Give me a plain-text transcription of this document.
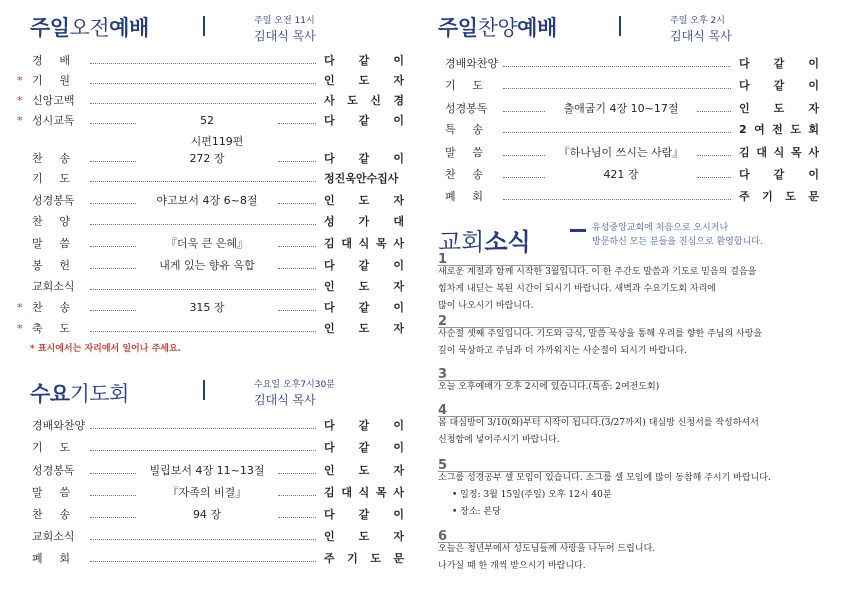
주일오전예배	주일 오전 11시
김대식 목사
경 배	다 같 이
* 기 원	인 도 자
* 신앙고백	사 도 신 경
* 성시교독	52	다 같 이
찬 송	272 장	다 같 이
기 도	정진욱안수집사
성경봉독	야고보서 4장 6~8절	인 도 자
찬 양	성 가 대
말 씀	『더욱 큰 은혜』	김 대 식 목 사
봉 헌	내게 있는 향유 옥합	다 같 이
교회소식	인 도 자
* 찬 송	315 장	다 같 이
* 축 도	인 도 자
시편119편
* 표시에서는 자리에서 일어나 주세요.
수요기도회	수요일 오후7시30분
김대식 목사
경배와찬양	다 같 이
기 도	다 같 이
성경봉독	빌립보서 4장 11~13절	인 도 자
말 씀	『자족의 비결』	김 대 식 목 사
찬 송	94 장	다 같 이
교회소식	인 도 자
폐 회	주 기 도 문
주일찬양예배	주일 오후 2시
김대식 목사
경배와찬양	다 같 이
기 도	다 같 이
성경봉독	출애굽기 4장 10~17절	인 도 자
특 송	2 여 전 도 회
말 씀	『하나님이 쓰시는 사람』	김 대 식 목 사
찬 송	421 장	다 같 이
폐 회	주 기 도 문
교회소식	유성중앙교회에 처음으로 오시거나
방문하신 모든 분들을 진심으로 환영합니다.
1
새로운 계절과 함께 시작한 3월입니다. 이 한 주간도 말씀과 기도로 믿음의 걸음을
힘차게 내딛는 복된 시간이 되시기 바랍니다. 새벽과 수요기도회 자리에
많이 나오시기 바랍니다.
2
사순절 셋째 주일입니다. 기도와 금식, 말씀 묵상을 통해 우리를 향한 주님의 사랑을
깊이 묵상하고 주님과 더 가까워지는 사순절이 되시기 바랍니다.
3
오늘 오후예배가 오후 2시에 있습니다.(특송: 2여전도회)
4
봄 대심방이 3/10(화)부터 시작이 됩니다.(3/27까지) 대심방 신청서를 작성하셔서
신청함에 넣어주시기 바랍니다.
5
소그룹 성경공부 셀 모임이 있습니다. 소그룹 셀 모임에 많이 동참해 주시기 바랍니다.
• 일정: 3월 15일(주일) 오후 12시 40분
• 장소: 본당
6
오늘은 청년부에서 성도님들께 사랑을 나누어 드립니다.
나가실 때 한 개씩 받으시기 바랍니다.
